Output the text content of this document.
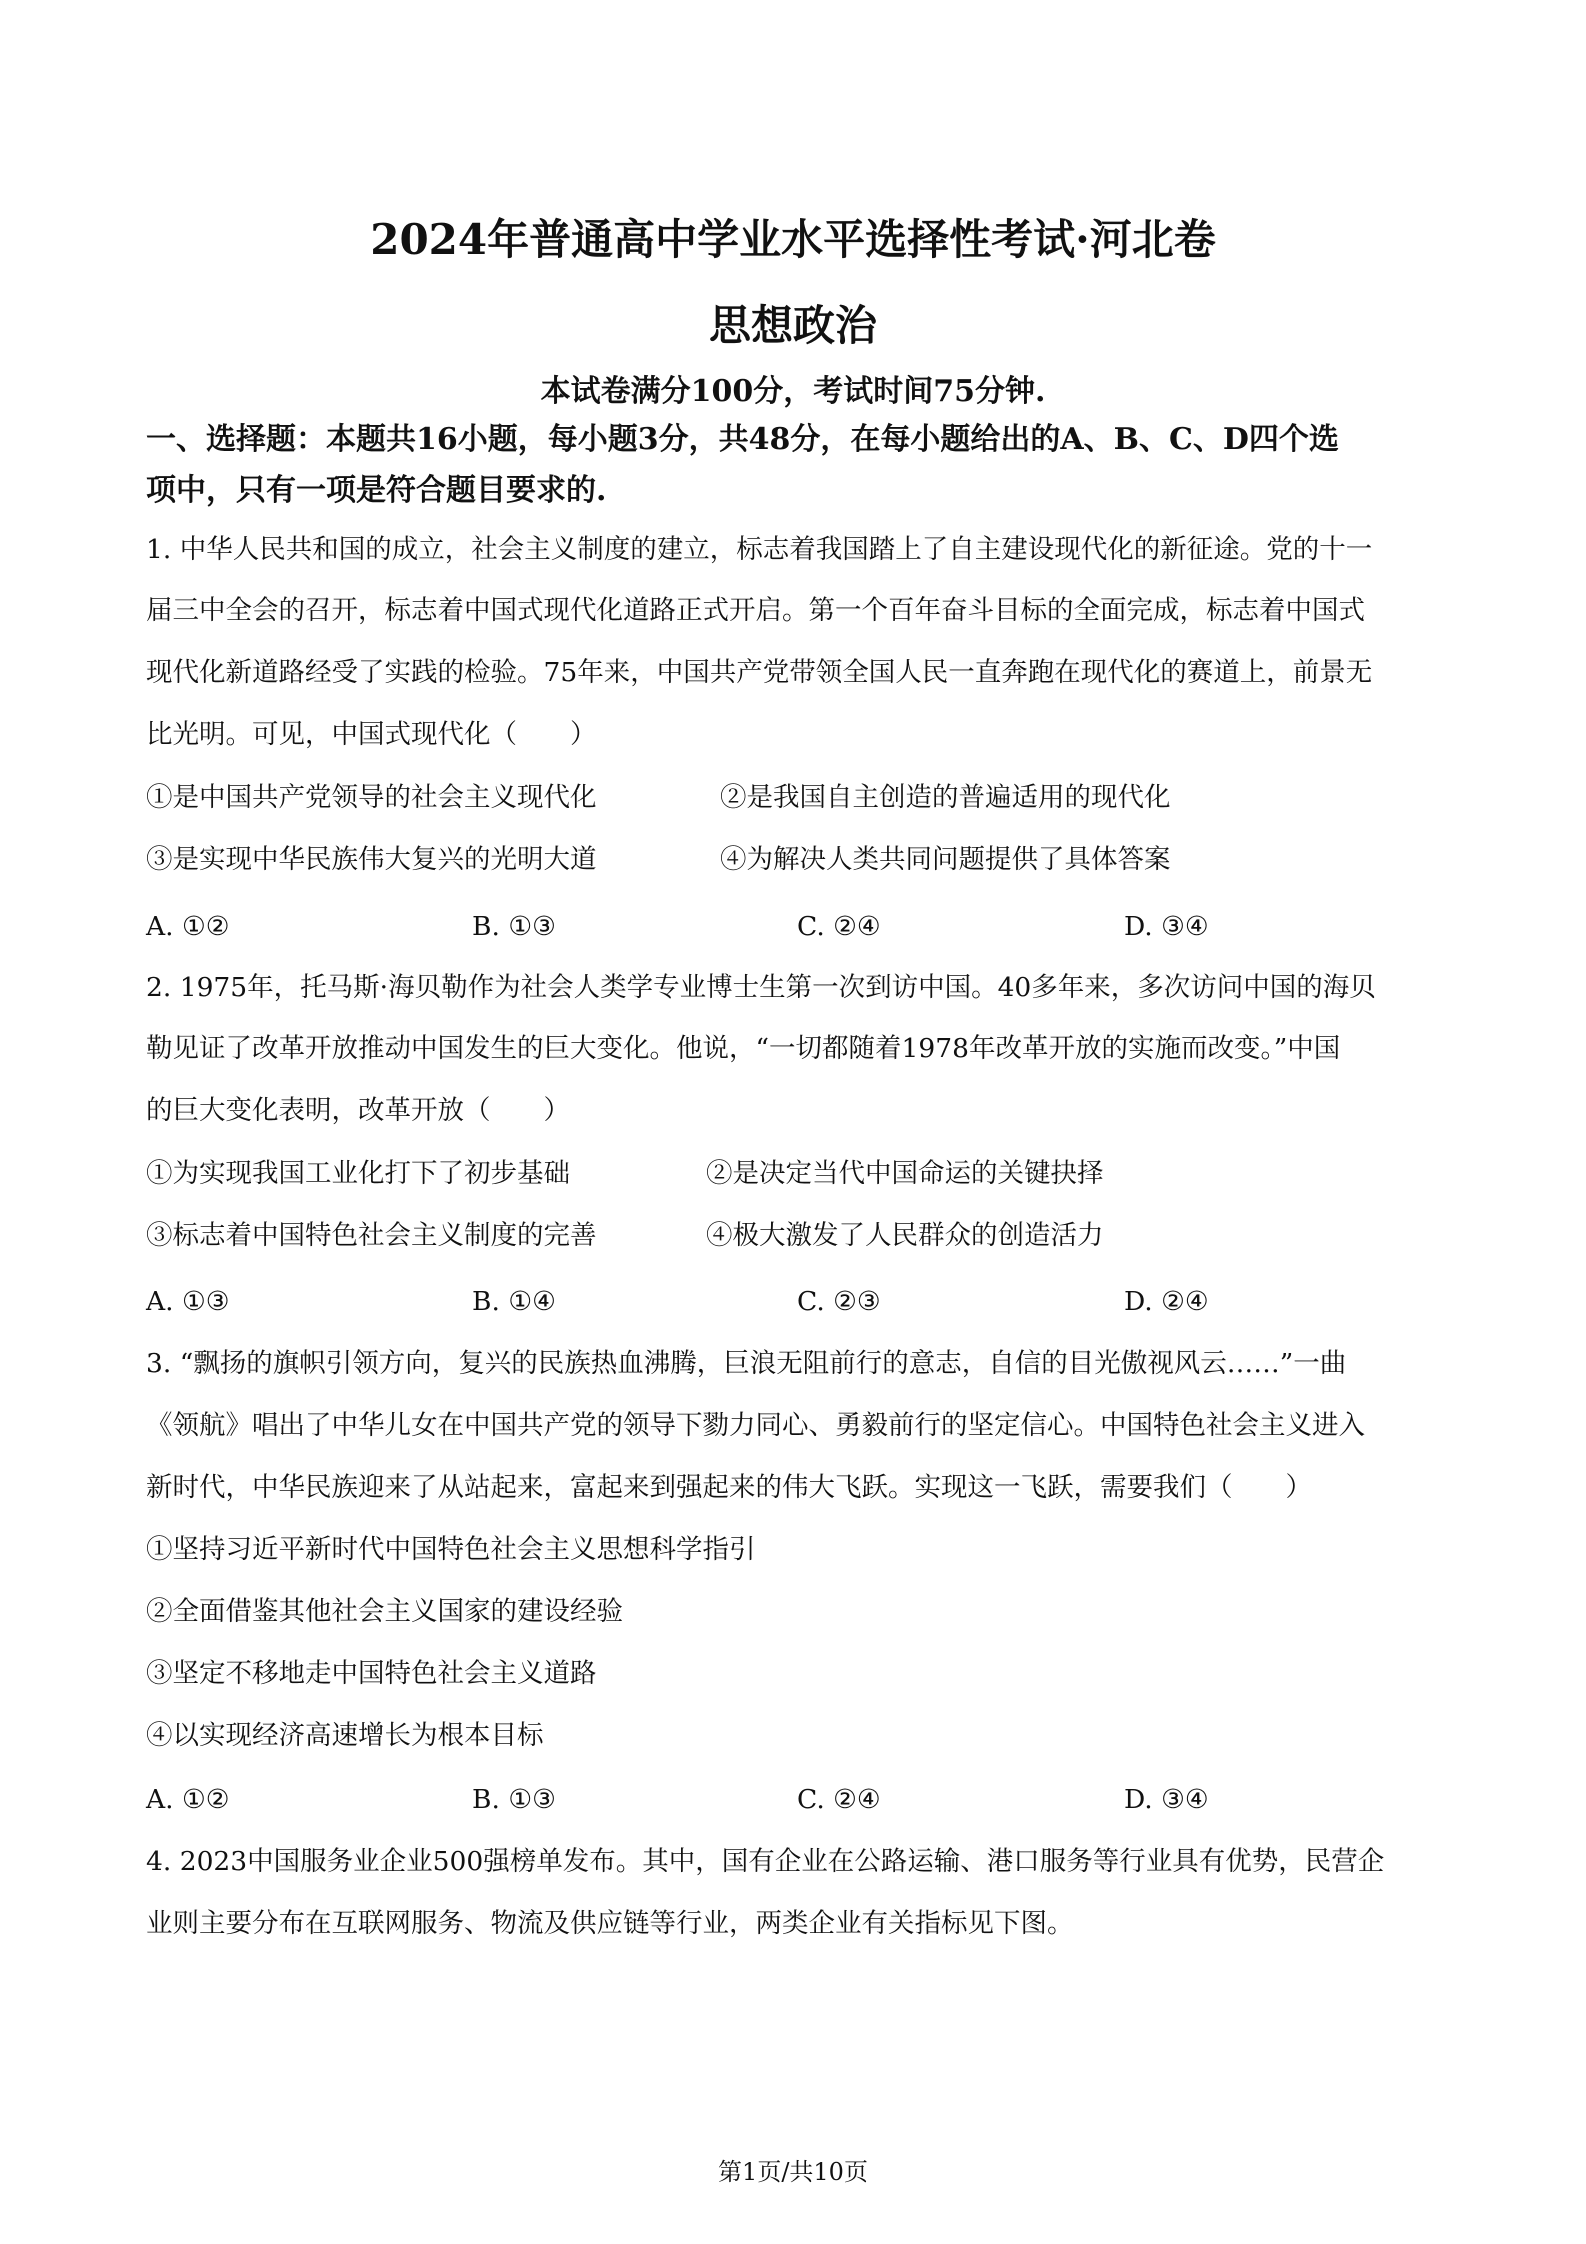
2024年普通高中学业水平选择性考试·河北卷
思想政治
本试卷满分100分，考试时间75分钟.
一、选择题：本题共16小题，每小题3分，共48分，在每小题给出的A、B、C、D四个选
项中，只有一项是符合题目要求的.
1. 中华人民共和国的成立，社会主义制度的建立，标志着我国踏上了自主建设现代化的新征途。党的十一
届三中全会的召开，标志着中国式现代化道路正式开启。第一个百年奋斗目标的全面完成，标志着中国式
现代化新道路经受了实践的检验。75年来，中国共产党带领全国人民一直奔跑在现代化的赛道上，前景无
比光明。可见，中国式现代化（　　）
①是中国共产党领导的社会主义现代化	②是我国自主创造的普遍适用的现代化
③是实现中华民族伟大复兴的光明大道	④为解决人类共同问题提供了具体答案
A. ①②	B. ①③	C. ②④	D. ③④
2. 1975年，托马斯·海贝勒作为社会人类学专业博士生第一次到访中国。40多年来，多次访问中国的海贝
勒见证了改革开放推动中国发生的巨大变化。他说，“一切都随着1978年改革开放的实施而改变。”中国
的巨大变化表明，改革开放（　　）
①为实现我国工业化打下了初步基础	②是决定当代中国命运的关键抉择
③标志着中国特色社会主义制度的完善	④极大激发了人民群众的创造活力
A. ①③	B. ①④	C. ②③	D. ②④
3. “飘扬的旗帜引领方向，复兴的民族热血沸腾，巨浪无阻前行的意志，自信的目光傲视风云……”一曲
《领航》唱出了中华儿女在中国共产党的领导下勠力同心、勇毅前行的坚定信心。中国特色社会主义进入
新时代，中华民族迎来了从站起来，富起来到强起来的伟大飞跃。实现这一飞跃，需要我们（　　）
①坚持习近平新时代中国特色社会主义思想科学指引
②全面借鉴其他社会主义国家的建设经验
③坚定不移地走中国特色社会主义道路
④以实现经济高速增长为根本目标
A. ①②	B. ①③	C. ②④	D. ③④
4. 2023中国服务业企业500强榜单发布。其中，国有企业在公路运输、港口服务等行业具有优势，民营企
业则主要分布在互联网服务、物流及供应链等行业，两类企业有关指标见下图。
第1页/共10页
